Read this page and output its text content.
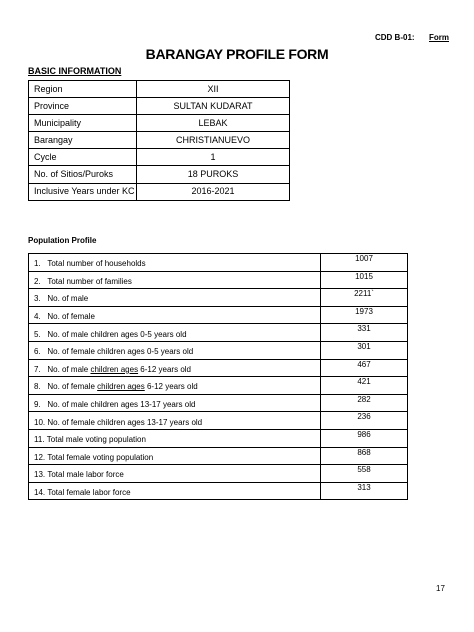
CDD B-01: Form
BARANGAY PROFILE FORM
BASIC INFORMATION
Region	XII
Province	SULTAN KUDARAT
Municipality	LEBAK
Barangay	CHRISTIANUEVO
Cycle	1
No. of Sitios/Puroks	18 PUROKS
Inclusive Years under KC	2016-2021
Population Profile
1. Total number of households	1007
2. Total number of families	1015
3. No. of male	2211`
4. No. of female	1973
5. No. of male children ages 0-5 years old	331
6. No. of female children ages 0-5 years old	301
7. No. of male children ages 6-12 years old	467
8. No. of female children ages 6-12 years old	421
9. No. of male children ages 13-17 years old	282
10. No. of female children ages 13-17 years old	236
11. Total male voting population	986
12. Total female voting population	868
13. Total male labor force	558
14. Total female labor force	313
17
